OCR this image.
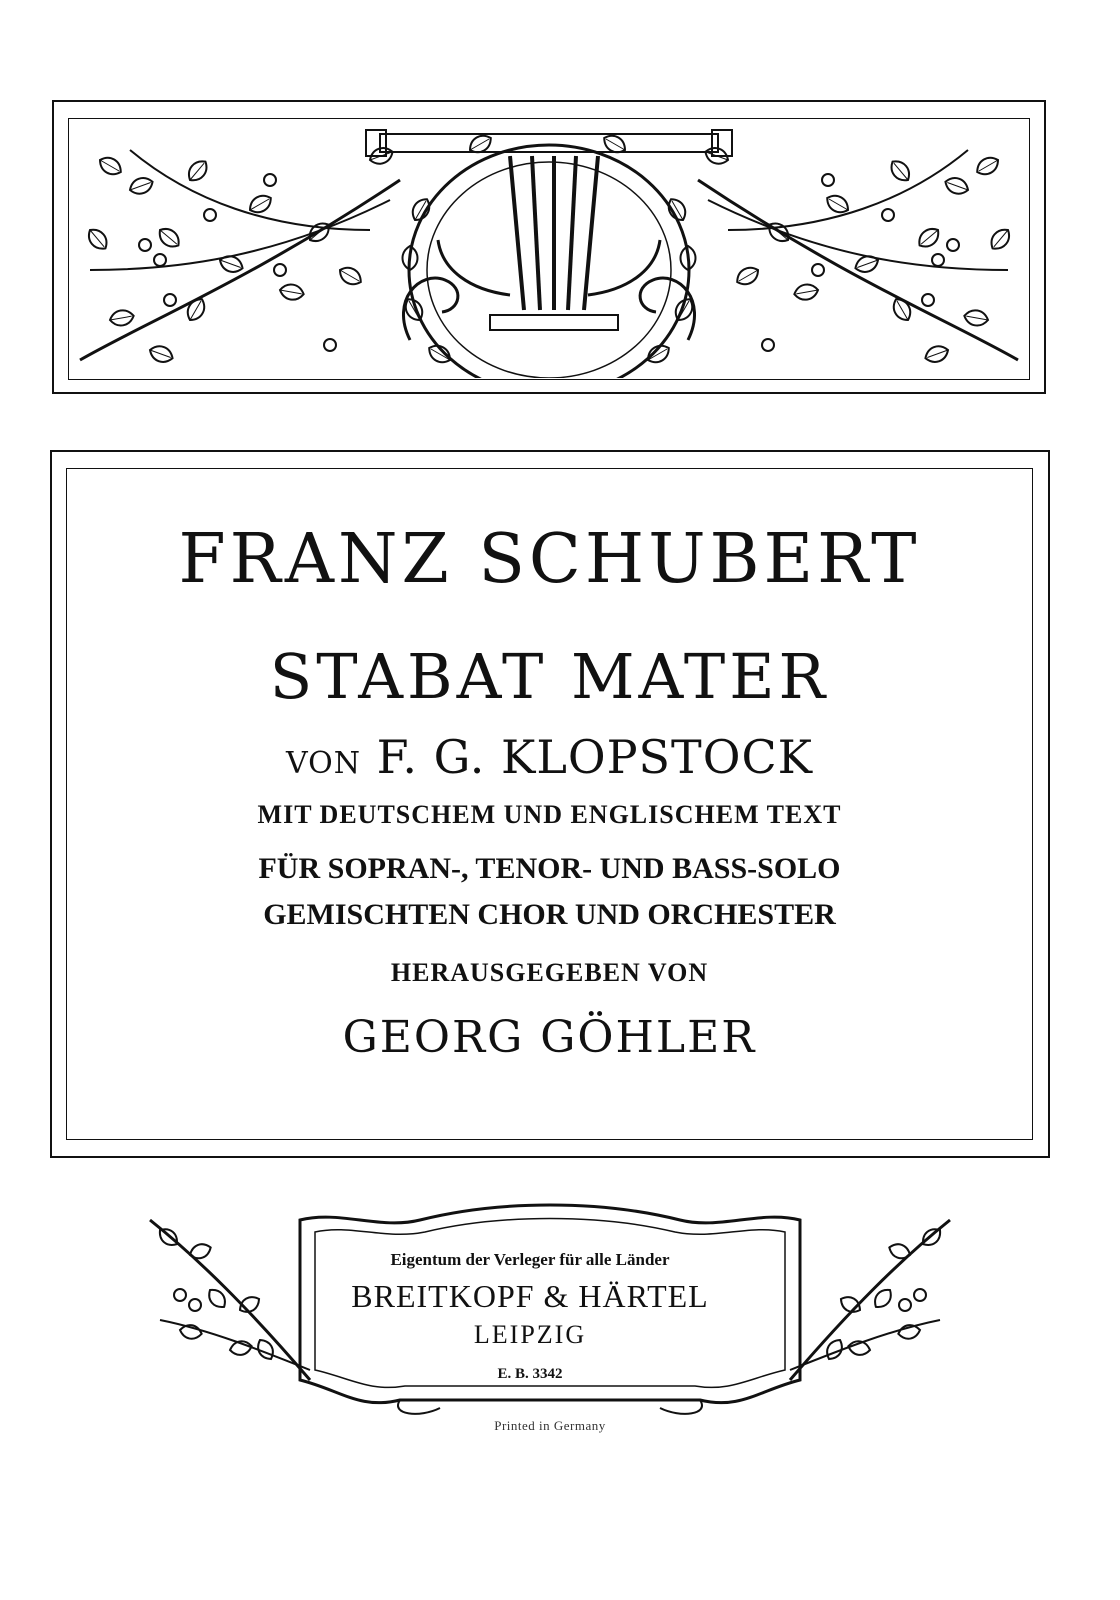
FRANZ SCHUBERT
STABAT MATER
VON F. G. KLOPSTOCK
MIT DEUTSCHEM UND ENGLISCHEM TEXT
FÜR SOPRAN-, TENOR- UND BASS-SOLO
GEMISCHTEN CHOR UND ORCHESTER
HERAUSGEGEBEN VON
GEORG GÖHLER
Eigentum der Verleger für alle Länder
BREITKOPF & HÄRTEL
LEIPZIG
E. B. 3342
Printed in Germany
